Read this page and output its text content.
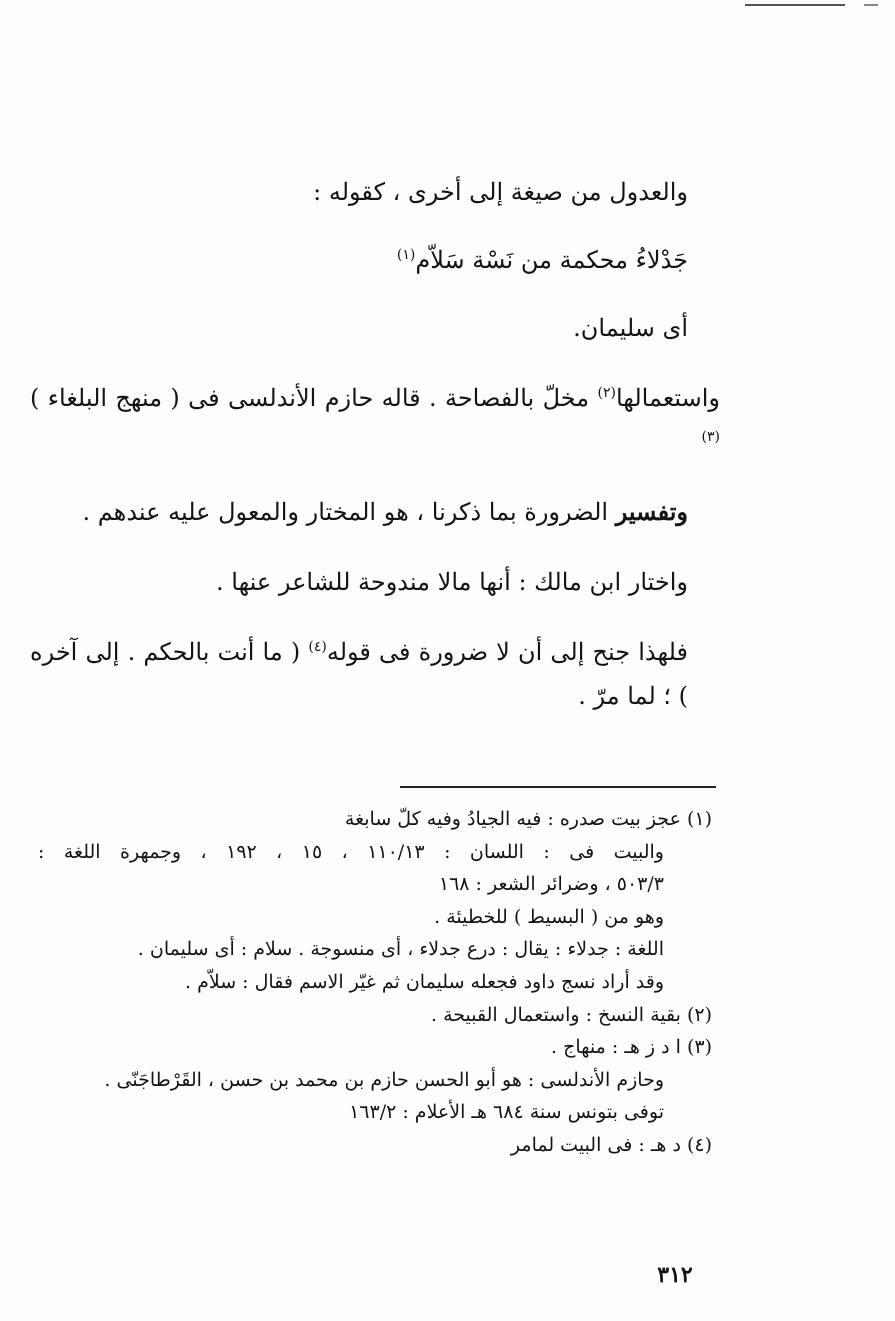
والعدول من صيغة إلى أخرى ، كقوله :

جَدْلاءُ محكمة من نَسْة سَلاّم$^{(١)}$

أى سليمان.

واستعمالها$^{(٢)}$ مخلّ بالفصاحة . قاله حازم الأندلسى فى ( منهج البلغاء )$^{(٣)}$

وتفسير الضرورة بما ذكرنا ، هو المختار والمعول عليه عندهم .

واختار ابن مالك : أنها مالا مندوحة للشاعر عنها .

فلهذا جنح إلى أن لا ضرورة فى قوله$^{(٤)}$ ( ما أنت بالحكم . إلى آخره ) ؛ لما مرّ .

(١) عجز بيت صدره : فيه الجيادُ وفيه كلّ سابغة

والبيت فى : اللسان : ١١٠/١٣ ، ١٥ ، ١٩٢ ، وجمهرة اللغة :

٥٠٣/٣ ، وضرائر الشعر : ١٦٨

وهو من ( البسيط ) للخطيئة .

اللغة : جدلاء : يقال : درع جدلاء ، أى منسوجة . سلام : أى سليمان .

وقد أراد نسج داود فجعله سليمان ثم غيّر الاسم فقال : سلاّم .

(٢) بقية النسخ : واستعمال القبيحة .

(٣) ا د ز هـ : منهاج .

وحازم الأندلسى : هو أبو الحسن حازم بن محمد بن حسن ، القَرْطاجَنّى .

توفى بتونس سنة ٦٨٤ هـ الأعلام : ١٦٣/٢

(٤) د هـ : فى البيت لمامر

٣١٢
